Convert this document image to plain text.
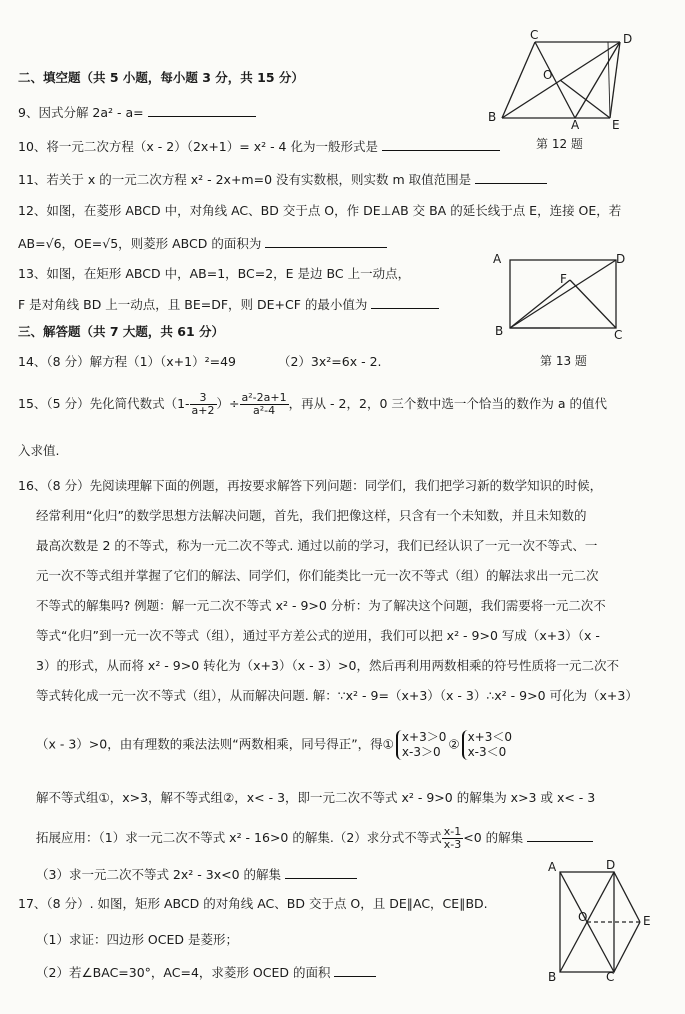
二、填空题（共 5 小题，每小题 3 分，共 15 分）
9、因式分解 2a² - a=
10、将一元二次方程（x - 2）（2x+1）= x² - 4 化为一般形式是
11、若关于 x 的一元二次方程 x² - 2x+m=0 没有实数根，则实数 m 取值范围是
12、如图，在菱形 ABCD 中，对角线 AC、BD 交于点 O，作 DE⊥AB 交 BA 的延长线于点 E，连接 OE，若
AB=√6，OE=√5，则菱形 ABCD 的面积为
13、如图，在矩形 ABCD 中，AB=1，BC=2，E 是边 BC 上一动点，
F 是对角线 BD 上一动点，且 BE=DF，则 DE+CF 的最小值为
三、解答题（共 7 大题，共 61 分）
14、（8 分）解方程（1）（x+1）²=49	（2）3x²=6x - 2.
15、（5 分）先化简代数式（$1- \frac{3}{a+2}$ ）÷ $\frac{\text{a²-2a+1}}{\text{a²-4}}$ ，再从 - 2，2，0 三个数中选一个恰当的数作为 a 的值代
入求值.
16、（8 分）先阅读理解下面的例题，再按要求解答下列问题：同学们，我们把学习新的数学知识的时候，
经常利用“化归”的数学思想方法解决问题，首先，我们把像这样，只含有一个未知数，并且未知数的
最高次数是 2 的不等式，称为一元二次不等式. 通过以前的学习，我们已经认识了一元一次不等式、一
元一次不等式组并掌握了它们的解法、同学们，你们能类比一元一次不等式（组）的解法求出一元二次
不等式的解集吗? 例题：解一元二次不等式 x² - 9>0 分析：为了解决这个问题，我们需要将一元二次不
等式“化归”到一元一次不等式（组），通过平方差公式的逆用，我们可以把 x² - 9>0 写成（x+3）（x -
3）的形式，从而将 x² - 9>0 转化为（x+3）（x - 3）>0，然后再利用两数相乘的符号性质将一元二次不
等式转化成一元一次不等式（组），从而解决问题. 解：∵x² - 9=（x+3）（x - 3）∴x² - 9>0 可化为（x+3）
（x - 3）>0，由有理数的乘法法则“两数相乘，同号得正”，得① x+3＞0
x-3＞0
② x+3＜0
x-3＜0
解不等式组①，x>3，解不等式组②，x< - 3，即一元二次不等式 x² - 9>0 的解集为 x>3 或 x< - 3
拓展应用：（1）求一元二次不等式 x² - 16>0 的解集.（2）求分式不等式 $\frac{x-1}{x-3} <0$ 的解集
（3）求一元二次不等式 2x² - 3x<0 的解集
17、（8 分）. 如图，矩形 ABCD 的对角线 AC、BD 交于点 O，且 DE∥AC，CE∥BD.
（1）求证：四边形 OCED 是菱形；
（2）若∠BAC=30°，AC=4，求菱形 OCED 的面积
C	D
O
B
A	E
第 12 题
A	D
F
B	C
第 13 题
A	D
O	E
B	C
